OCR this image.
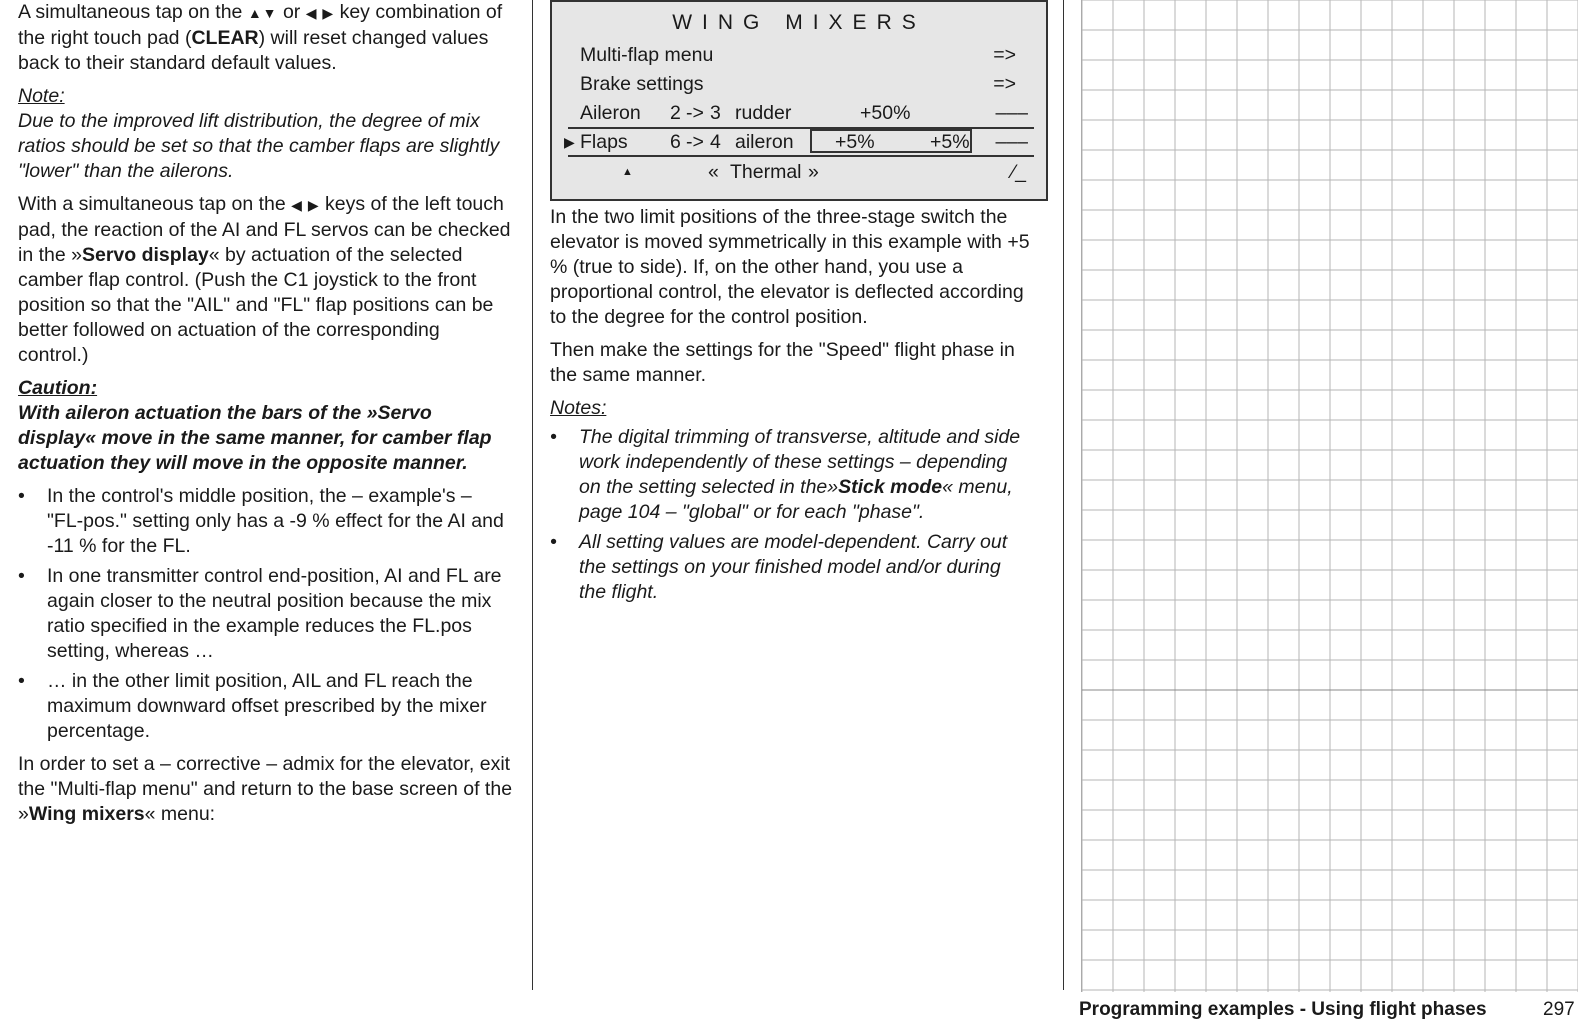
A simultaneous tap on the ▲▼ or ◀ ▶ key combination of the right touch pad (CLEAR) will reset changed values back to their standard default values.

Note:

Due to the improved lift distribution, the degree of mix ratios should be set so that the camber flaps are slightly "lower" than the ailerons.

With a simultaneous tap on the ◀ ▶ keys of the left touch pad, the reaction of the AI and FL servos can be checked in the »Servo display« by actuation of the selected camber flap control. (Push the C1 joystick to the front position so that the "AIL" and "FL" flap positions can be better followed on actuation of the corresponding control.)

Caution:

With aileron actuation the bars of the »Servo display« move in the same manner, for camber flap actuation they will move in the opposite manner.

• In the control's middle position, the – example's – "FL-pos." setting only has a -9 % effect for the AI and -11 % for the FL.
• In one transmitter control end-position, AI and FL are again closer to the neutral position because the mix ratio specified in the example reduces the FL.pos setting, whereas …
• … in the other limit position, AIL and FL reach the maximum downward offset prescribed by the mixer percentage.

In order to set a – corrective – admix for the elevator, exit the "Multi-flap menu" and return to the base screen of the »Wing mixers« menu:

WING MIXERS
Multi-flap menu	=>
Brake settings	=>
Aileron 2 -> 3 rudder	+50%	–––
▶ Flaps 6 -> 4 aileron +5%	+5% –––
▲	« Thermal »	⁄_

In the two limit positions of the three-stage switch the elevator is moved symmetrically in this example with +5 % (true to side). If, on the other hand, you use a proportional control, the elevator is deflected according to the degree for the control position.

Then make the settings for the "Speed" flight phase in the same manner.

Notes:

• The digital trimming of transverse, altitude and side work independently of these settings – depending on the setting selected in the»Stick mode« menu, page 104 – "global" or for each "phase".
• All setting values are model-dependent. Carry out the settings on your finished model and/or during the flight.
Programming examples - Using flight phases	297
